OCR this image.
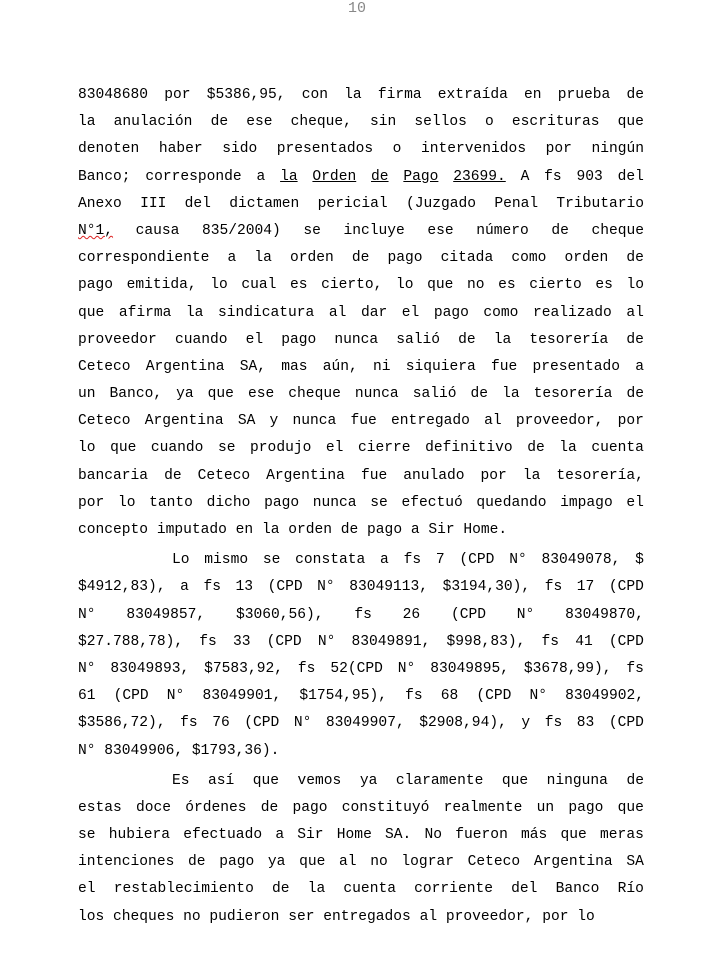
10
83048680 por $5386,95, con la firma extraída en prueba de
la anulación de ese cheque, sin sellos o escrituras que
denoten haber sido presentados o intervenidos por ningún
Banco; corresponde a la Orden de Pago 23699. A fs 903 del
Anexo III del dictamen pericial (Juzgado Penal Tributario
N°1, causa 835/2004) se incluye ese número de cheque
correspondiente a la orden de pago citada como orden de
pago emitida, lo cual es cierto, lo que no es cierto es lo
que afirma la sindicatura al dar el pago como realizado al
proveedor cuando el pago nunca salió de la tesorería de
Ceteco Argentina SA, mas aún, ni siquiera fue presentado a
un Banco, ya que ese cheque nunca salió de la tesorería de
Ceteco Argentina SA y nunca fue entregado al proveedor, por
lo que cuando se produjo el cierre definitivo de la cuenta
bancaria de Ceteco Argentina fue anulado por la tesorería,
por lo tanto dicho pago nunca se efectuó quedando impago el
concepto imputado en la orden de pago a Sir Home.
Lo mismo se constata a fs 7 (CPD N° 83049078, $
$4912,83), a fs 13 (CPD N° 83049113, $3194,30), fs 17 (CPD
N° 83049857, $3060,56), fs 26 (CPD N° 83049870,
$27.788,78), fs 33 (CPD N° 83049891, $998,83), fs 41 (CPD
N° 83049893, $7583,92, fs 52(CPD N° 83049895, $3678,99), fs
61 (CPD N° 83049901, $1754,95), fs 68 (CPD N° 83049902,
$3586,72), fs 76 (CPD N° 83049907, $2908,94), y fs 83 (CPD
N° 83049906, $1793,36).
Es así que vemos ya claramente que ninguna de
estas doce órdenes de pago constituyó realmente un pago que
se hubiera efectuado a Sir Home SA. No fueron más que meras
intenciones de pago ya que al no lograr Ceteco Argentina SA
el restablecimiento de la cuenta corriente del Banco Río
los cheques no pudieron ser entregados al proveedor, por lo
